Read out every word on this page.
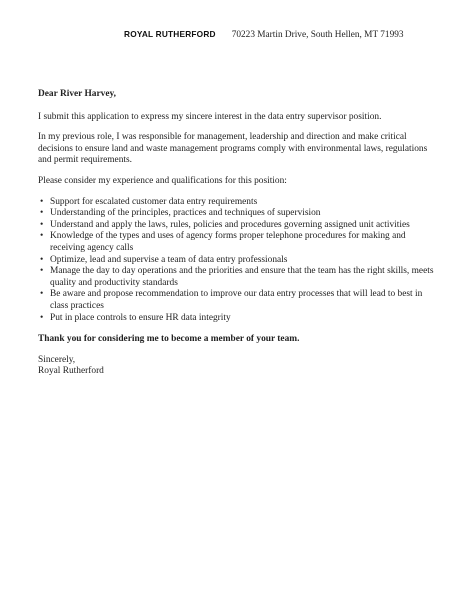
ROYAL RUTHERFORD 70223 Martin Drive, South Hellen, MT 71993

Dear River Harvey,

I submit this application to express my sincere interest in the data entry supervisor position.

In my previous role, I was responsible for management, leadership and direction and make critical decisions to ensure land and waste management programs comply with environmental laws, regulations and permit requirements.

Please consider my experience and qualifications for this position:

• Support for escalated customer data entry requirements
• Understanding of the principles, practices and techniques of supervision
• Understand and apply the laws, rules, policies and procedures governing assigned unit activities
• Knowledge of the types and uses of agency forms proper telephone procedures for making and receiving agency calls
• Optimize, lead and supervise a team of data entry professionals
• Manage the day to day operations and the priorities and ensure that the team has the right skills, meets quality and productivity standards
• Be aware and propose recommendation to improve our data entry processes that will lead to best in class practices
• Put in place controls to ensure HR data integrity

Thank you for considering me to become a member of your team.

Sincerely,

Royal Rutherford
